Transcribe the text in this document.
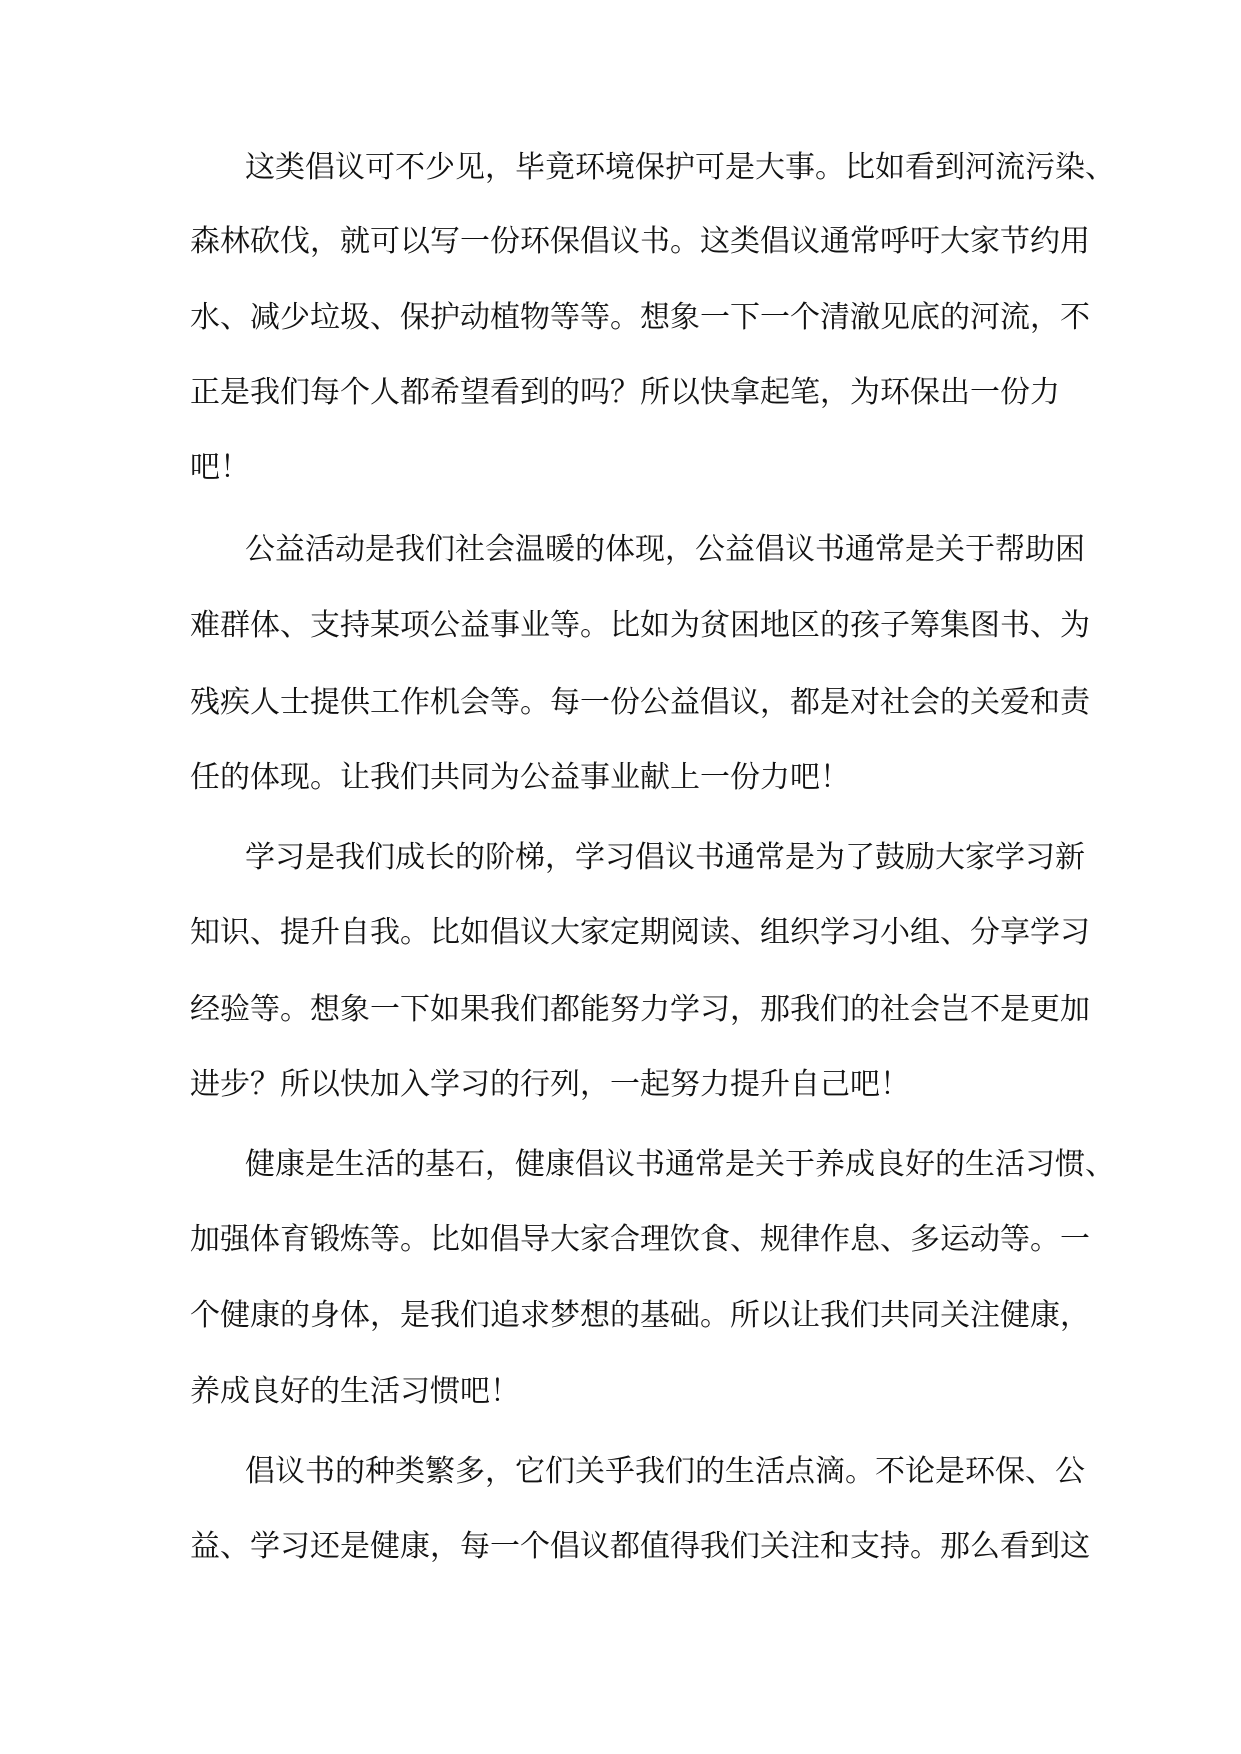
这类倡议可不少见，毕竟环境保护可是大事。比如看到河流污染、
森林砍伐，就可以写一份环保倡议书。这类倡议通常呼吁大家节约用
水、减少垃圾、保护动植物等等。想象一下一个清澈见底的河流，不
正是我们每个人都希望看到的吗？所以快拿起笔，为环保出一份力
吧！
公益活动是我们社会温暖的体现，公益倡议书通常是关于帮助困
难群体、支持某项公益事业等。比如为贫困地区的孩子筹集图书、为
残疾人士提供工作机会等。每一份公益倡议，都是对社会的关爱和责
任的体现。让我们共同为公益事业献上一份力吧！
学习是我们成长的阶梯，学习倡议书通常是为了鼓励大家学习新
知识、提升自我。比如倡议大家定期阅读、组织学习小组、分享学习
经验等。想象一下如果我们都能努力学习，那我们的社会岂不是更加
进步？所以快加入学习的行列，一起努力提升自己吧！
健康是生活的基石，健康倡议书通常是关于养成良好的生活习惯、
加强体育锻炼等。比如倡导大家合理饮食、规律作息、多运动等。一
个健康的身体，是我们追求梦想的基础。所以让我们共同关注健康，
养成良好的生活习惯吧！
倡议书的种类繁多，它们关乎我们的生活点滴。不论是环保、公
益、学习还是健康，每一个倡议都值得我们关注和支持。那么看到这
